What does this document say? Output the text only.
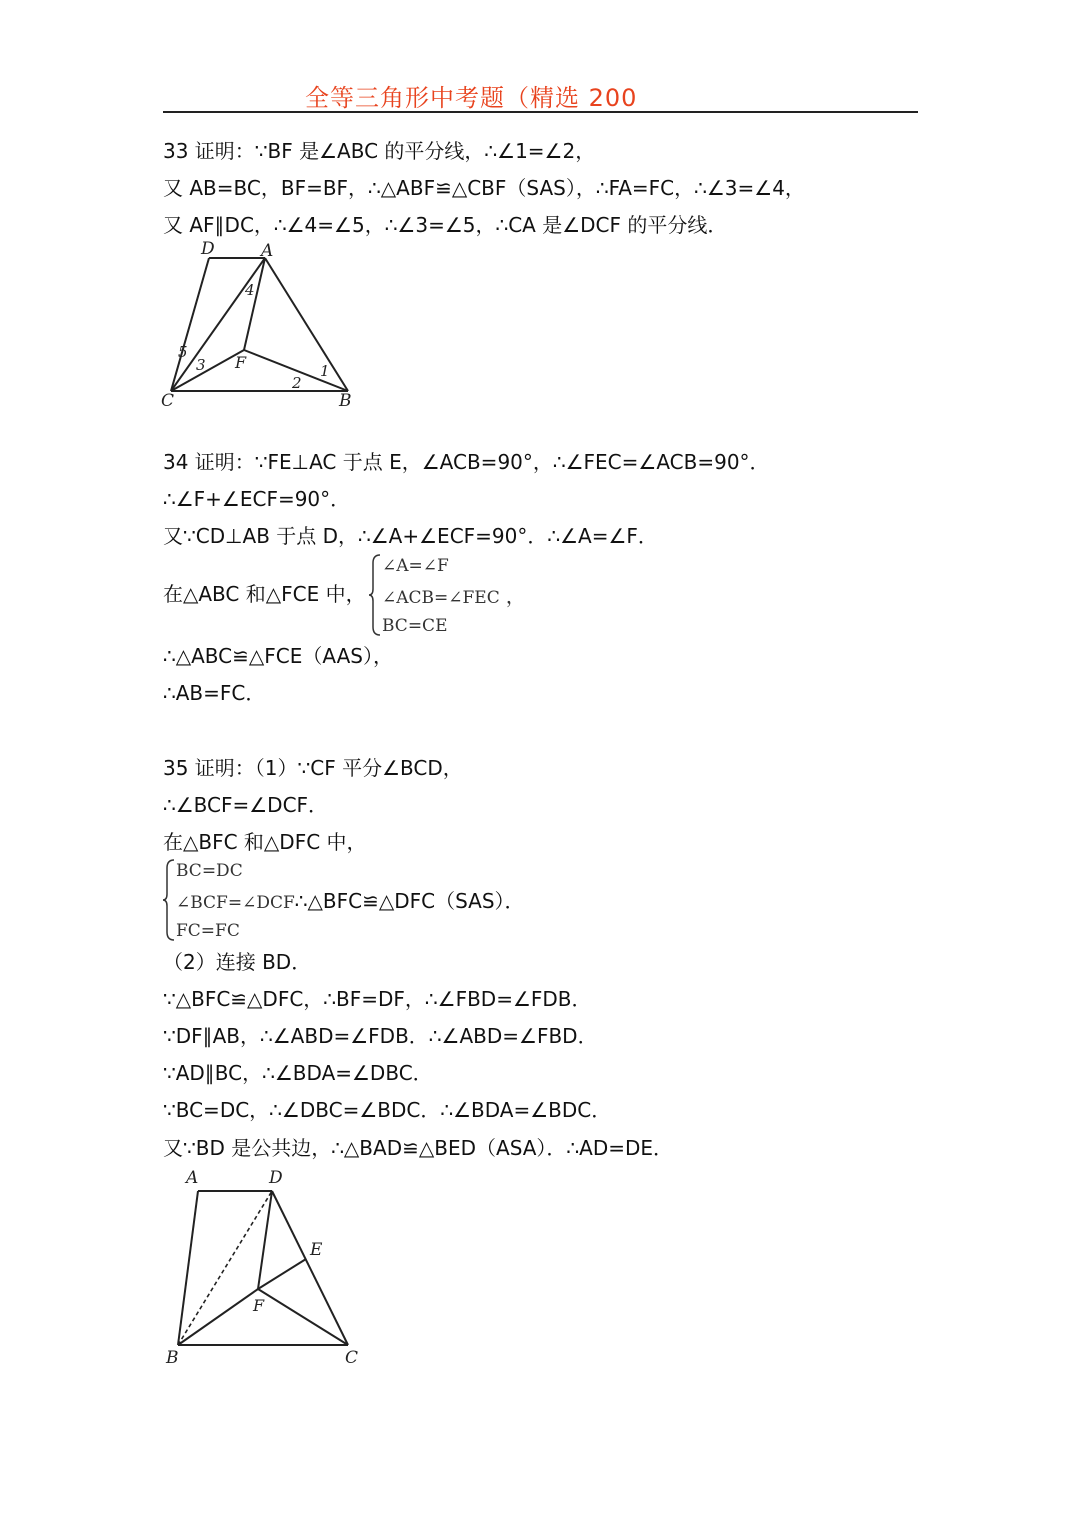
全等三角形中考题（精选 200
33 证明：∵BF 是∠ABC 的平分线，∴∠1=∠2，
又 AB=BC，BF=BF，∴△ABF≌△CBF（SAS），∴FA=FC，∴∠3=∠4，
又 AF∥DC，∴∠4=∠5，∴∠3=∠5，∴CA 是∠DCF 的平分线．
D	A
C	B
F	1
2
3
4
5
34 证明：∵FE⊥AC 于点 E，∠ACB=90°，∴∠FEC=∠ACB=90°．
∴∠F+∠ECF=90°．
又∵CD⊥AB 于点 D，∴∠A+∠ECF=90°．∴∠A=∠F．
在△ABC 和△FCE 中，
∠A=∠F
∠ACB=∠FEC ，
BC=CE
∴△ABC≌△FCE（AAS），
∴AB=FC．
35 证明：（1）∵CF 平分∠BCD，
∴∠BCF=∠DCF．
在△BFC 和△DFC 中，
BC=DC
∠BCF=∠DCF∴△BFC≌△DFC（SAS）．
FC=FC
（2）连接 BD．
∵△BFC≌△DFC，∴BF=DF，∴∠FBD=∠FDB．
∵DF∥AB，∴∠ABD=∠FDB．∴∠ABD=∠FBD．
∵AD∥BC，∴∠BDA=∠DBC．
∵BC=DC，∴∠DBC=∠BDC．∴∠BDA=∠BDC．
又∵BD 是公共边，∴△BAD≌△BED（ASA）．∴AD=DE．
A	D
E
F
B	C
